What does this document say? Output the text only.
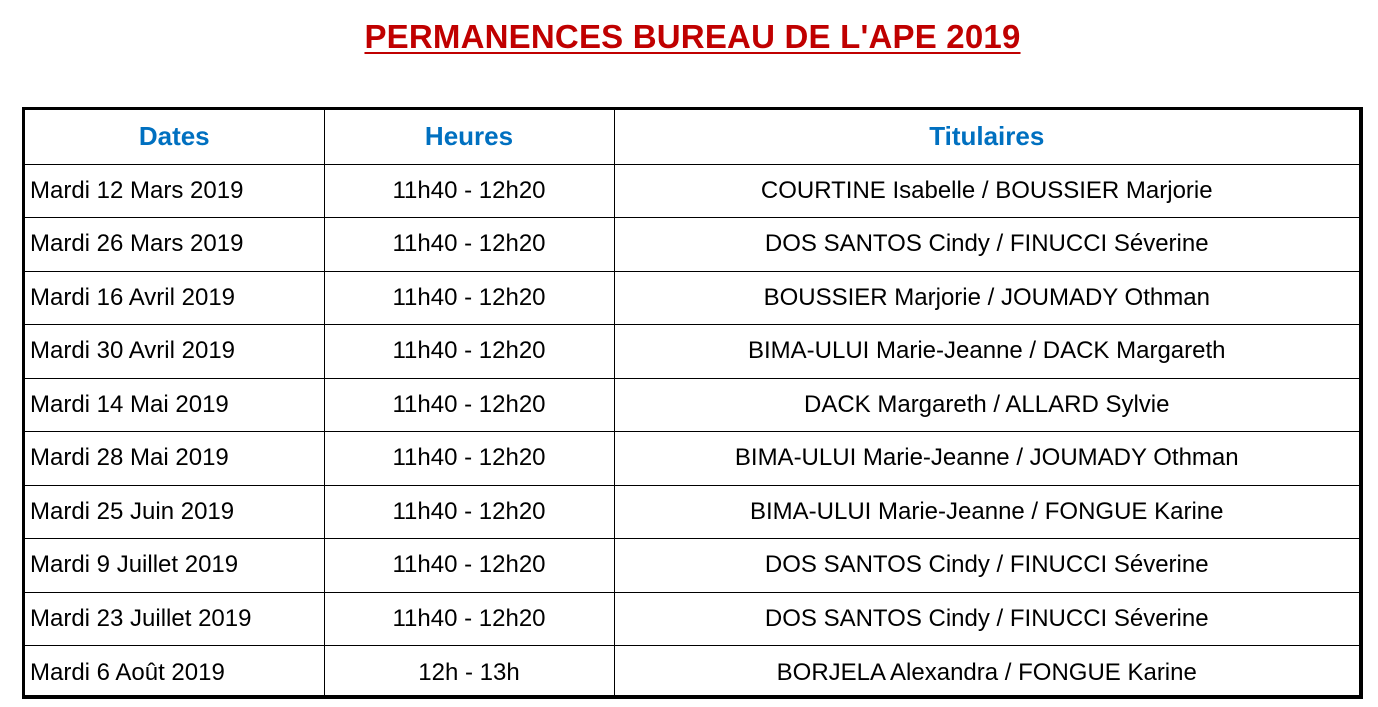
PERMANENCES BUREAU DE L'APE 2019
Dates	Heures	Titulaires
Mardi 12 Mars 2019	11h40 - 12h20	COURTINE Isabelle / BOUSSIER Marjorie
Mardi 26 Mars 2019	11h40 - 12h20	DOS SANTOS Cindy / FINUCCI Séverine
Mardi 16 Avril 2019	11h40 - 12h20	BOUSSIER Marjorie / JOUMADY Othman
Mardi 30 Avril 2019	11h40 - 12h20	BIMA-ULUI Marie-Jeanne / DACK Margareth
Mardi 14 Mai 2019	11h40 - 12h20	DACK Margareth / ALLARD Sylvie
Mardi 28 Mai 2019	11h40 - 12h20	BIMA-ULUI Marie-Jeanne / JOUMADY Othman
Mardi 25 Juin 2019	11h40 - 12h20	BIMA-ULUI Marie-Jeanne / FONGUE Karine
Mardi 9 Juillet 2019	11h40 - 12h20	DOS SANTOS Cindy / FINUCCI Séverine
Mardi 23 Juillet 2019	11h40 - 12h20	DOS SANTOS Cindy / FINUCCI Séverine
Mardi 6 Août 2019	12h - 13h	BORJELA Alexandra / FONGUE Karine
